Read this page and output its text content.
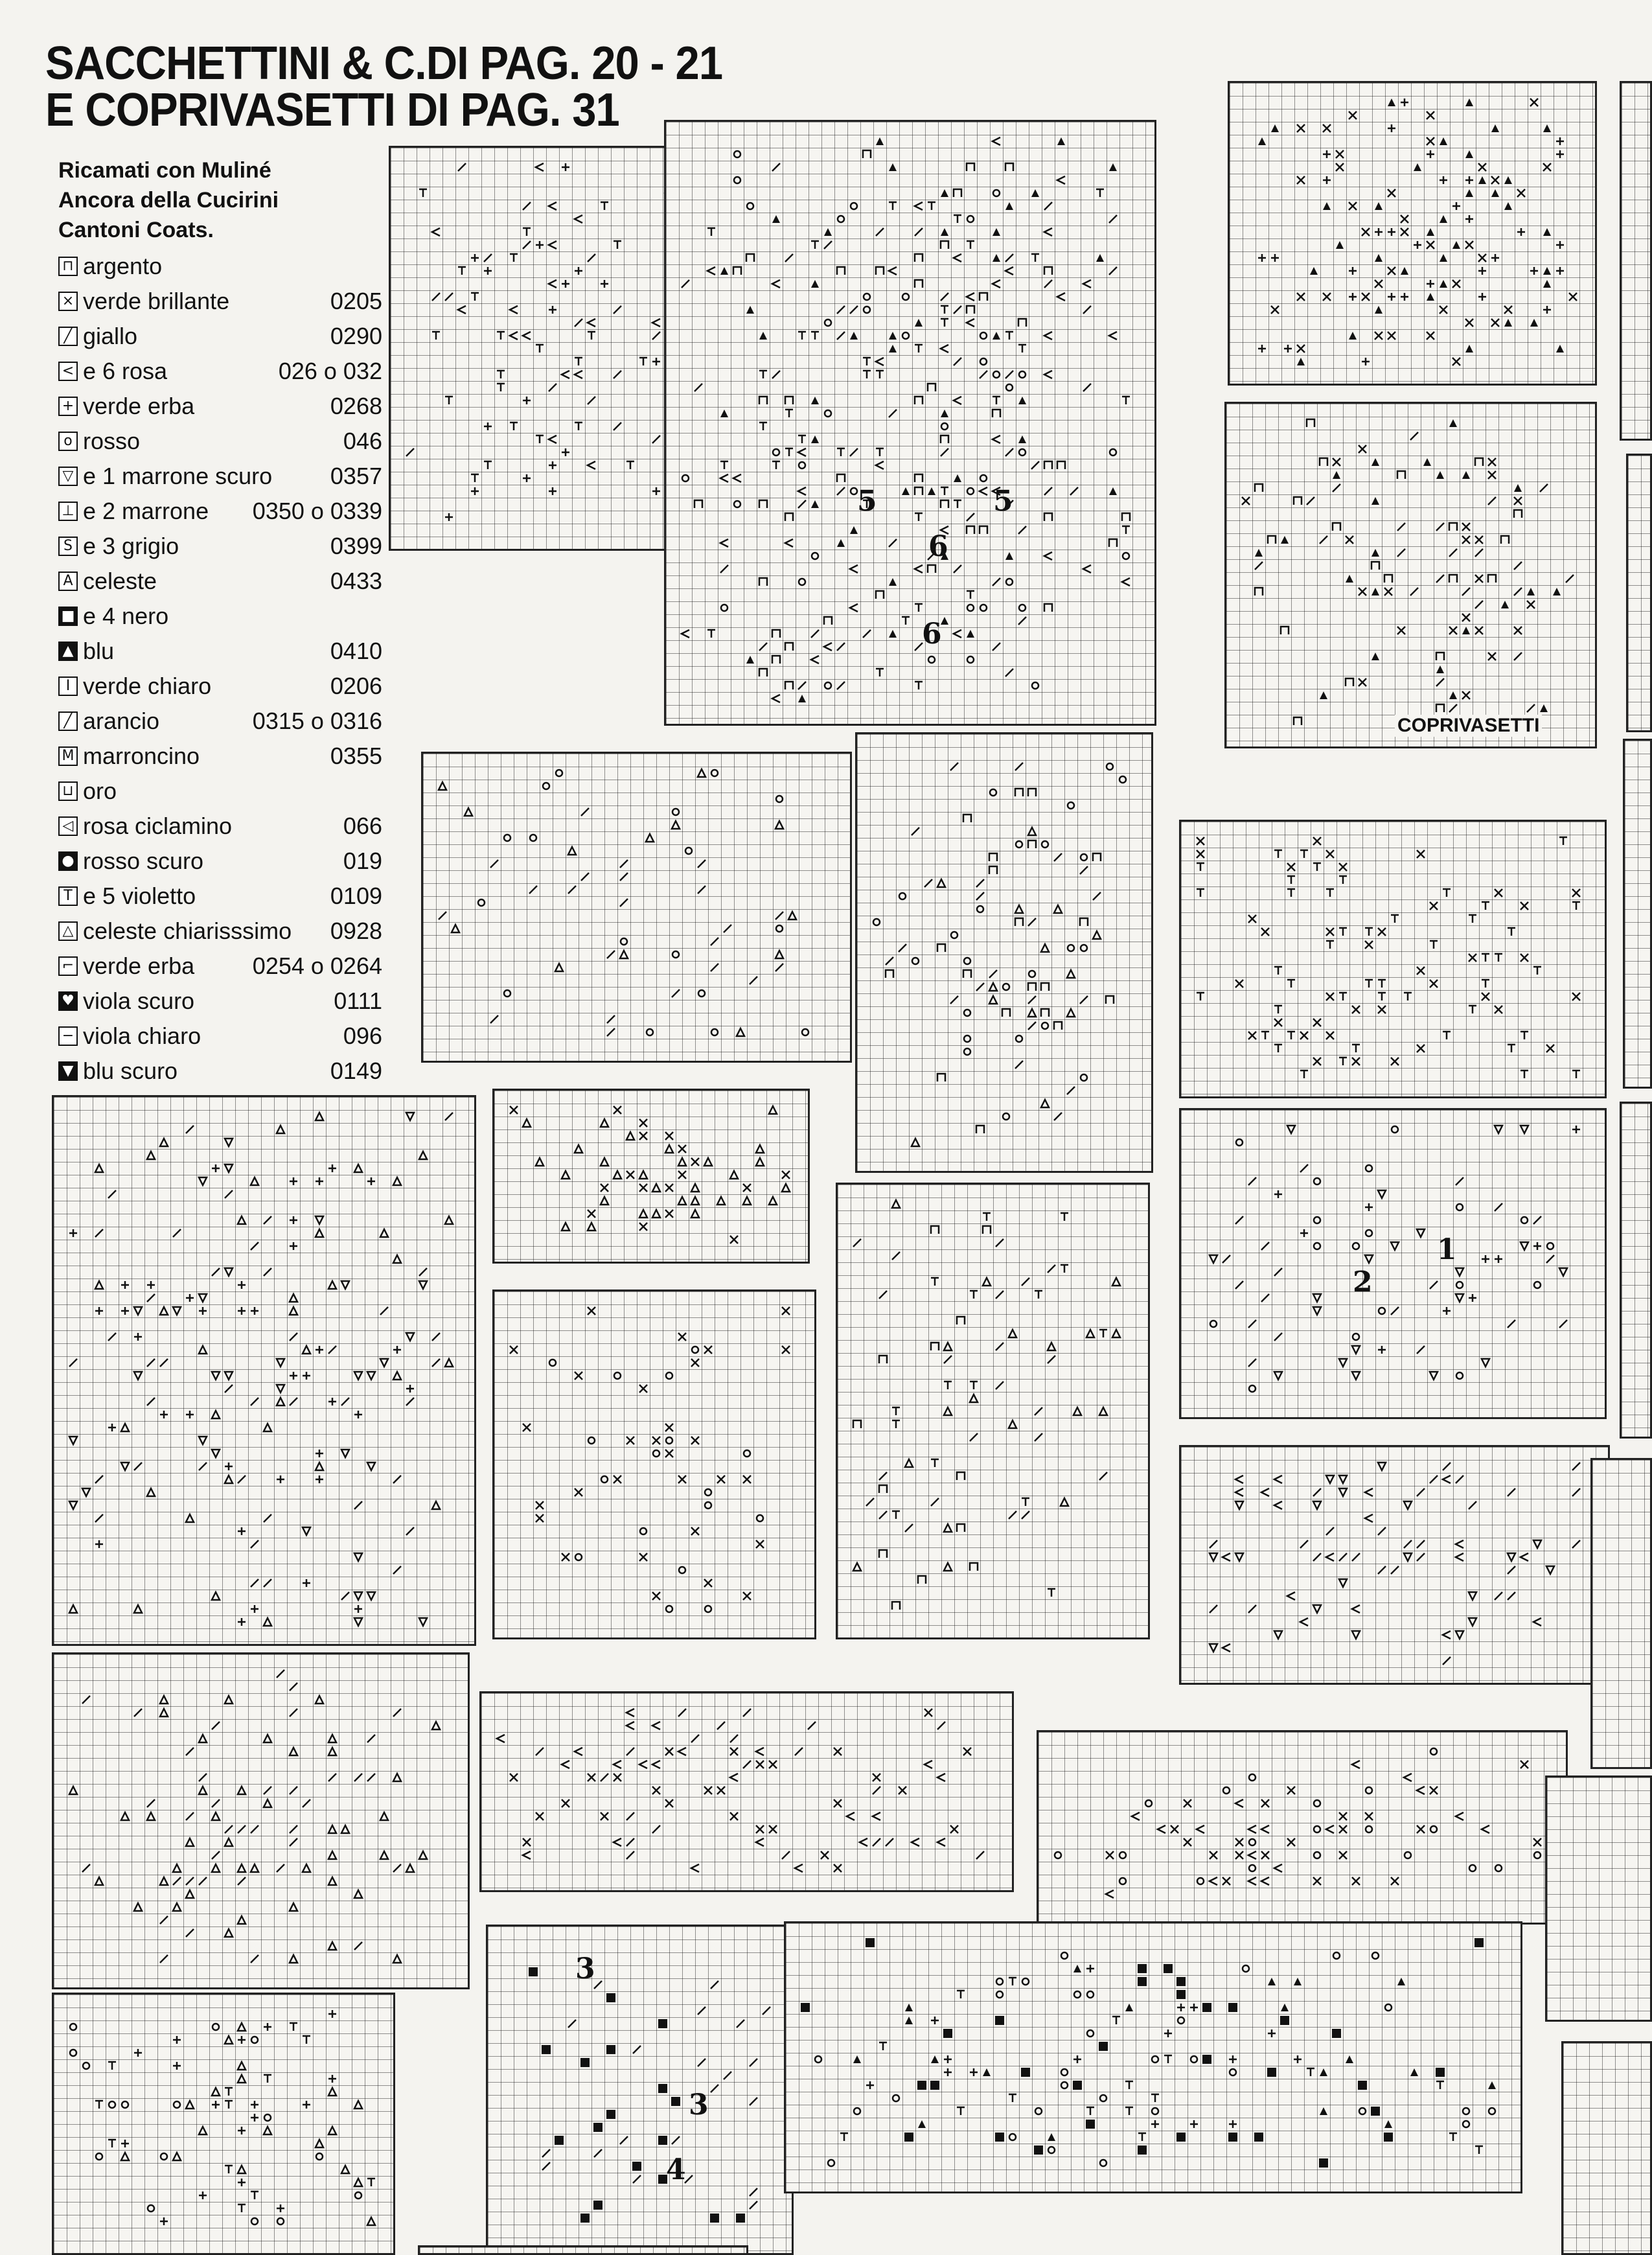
SACCHETTINI & C.DI PAG. 20 - 21
E COPRIVASETTI DI PAG. 31
Ricamati con Muliné
Ancora della Cucirini
Cantoni Coats.
⊓ argento
× verde brillante	0205
╱ giallo	0290
< e 6 rosa	026 o 032
+ verde erba	0268
o rosso	046
▽ e 1 marrone scuro	0357
⊥ e 2 marrone	0350 o 0339
S e 3 grigio	0399
A celeste	0433
■ e 4 nero
▲ blu	0410
I verde chiaro	0206
╱ arancio	0315 o 0316
M marroncino	0355
⊔ oro
◁ rosa ciclamino	066
● rosso scuro	019
T e 5 violetto	0109
△ celeste chiarisssimo	0928
⌐ verde erba	0254 o 0264
♥ viola scuro	0111
− viola chiaro	096
▼ blu scuro	0149
5	5
6
6
COPRIVASETTI
1
2
3
3
4
